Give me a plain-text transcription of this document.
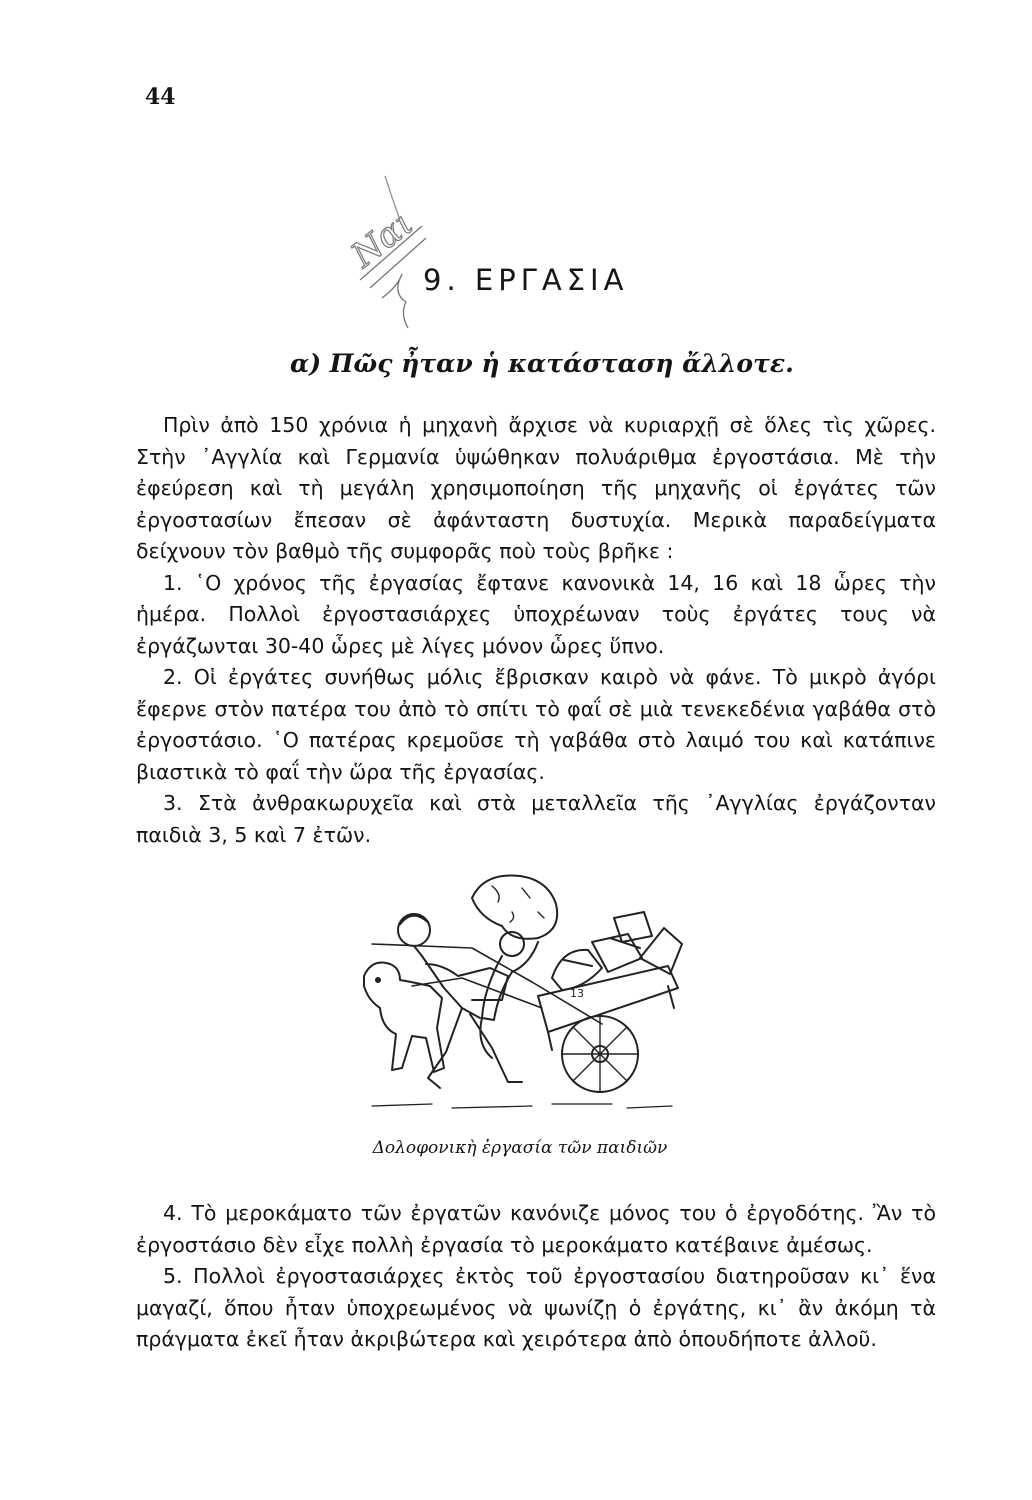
44
Ναι
9. ΕΡΓΑΣΙΑ
α) Πῶς ἦταν ἡ κατάσταση ἄλλοτε.

Πρὶν ἀπὸ 150 χρόνια ἡ μηχανὴ ἄρχισε νὰ κυριαρχῇ σὲ ὅλες τὶς χῶρες. Στὴν ᾿Αγγλία καὶ Γερμανία ὑψώθηκαν πολυάριθμα ἐργοστάσια. Μὲ τὴν ἐφεύρεση καὶ τὴ μεγάλη χρησιμοποίηση τῆς μηχανῆς οἱ ἐργάτες τῶν ἐργοστασίων ἔπεσαν σὲ ἀφάνταστη δυστυχία. Μερικὰ παραδείγματα δείχνουν τὸν βαθμὸ τῆς συμφορᾶς ποὺ τοὺς βρῆκε :

1. ῾Ο χρόνος τῆς ἐργασίας ἔφτανε κανονικὰ 14, 16 καὶ 18 ὧρες τὴν ἡμέρα. Πολλοὶ ἐργοστασιάρχες ὑποχρέωναν τοὺς ἐργάτες τους νὰ ἐργάζωνται 30-40 ὧρες μὲ λίγες μόνον ὧρες ὕπνο.

2. Οἱ ἐργάτες συνήθως μόλις ἔβρισκαν καιρὸ νὰ φάνε. Τὸ μικρὸ ἀγόρι ἔφερνε στὸν πατέρα του ἀπὸ τὸ σπίτι τὸ φαΐ σὲ μιὰ τενεκεδένια γαβάθα στὸ ἐργοστάσιο. ῾Ο πατέρας κρεμοῦσε τὴ γαβάθα στὸ λαιμό του καὶ κατάπινε βιαστικὰ τὸ φαΐ τὴν ὥρα τῆς ἐργασίας.

3. Στὰ ἀνθρακωρυχεῖα καὶ στὰ μεταλλεῖα τῆς ᾿Αγγλίας ἐργάζονταν παιδιὰ 3, 5 καὶ 7 ἐτῶν.

13
Δολοφονικὴ ἐργασία τῶν παιδιῶν

4. Τὸ μεροκάματο τῶν ἐργατῶν κανόνιζε μόνος του ὁ ἐργοδότης. Ἂν τὸ ἐργοστάσιο δὲν εἶχε πολλὴ ἐργασία τὸ μεροκάματο κατέβαινε ἀμέσως.

5. Πολλοὶ ἐργοστασιάρχες ἐκτὸς τοῦ ἐργοστασίου διατηροῦσαν κι᾿ ἕνα μαγαζί, ὅπου ἦταν ὑποχρεωμένος νὰ ψωνίζῃ ὁ ἐργάτης, κι᾿ ἂν ἀκόμη τὰ πράγματα ἐκεῖ ἦταν ἀκριβώτερα καὶ χειρότερα ἀπὸ ὁπουδήποτε ἀλλοῦ.
